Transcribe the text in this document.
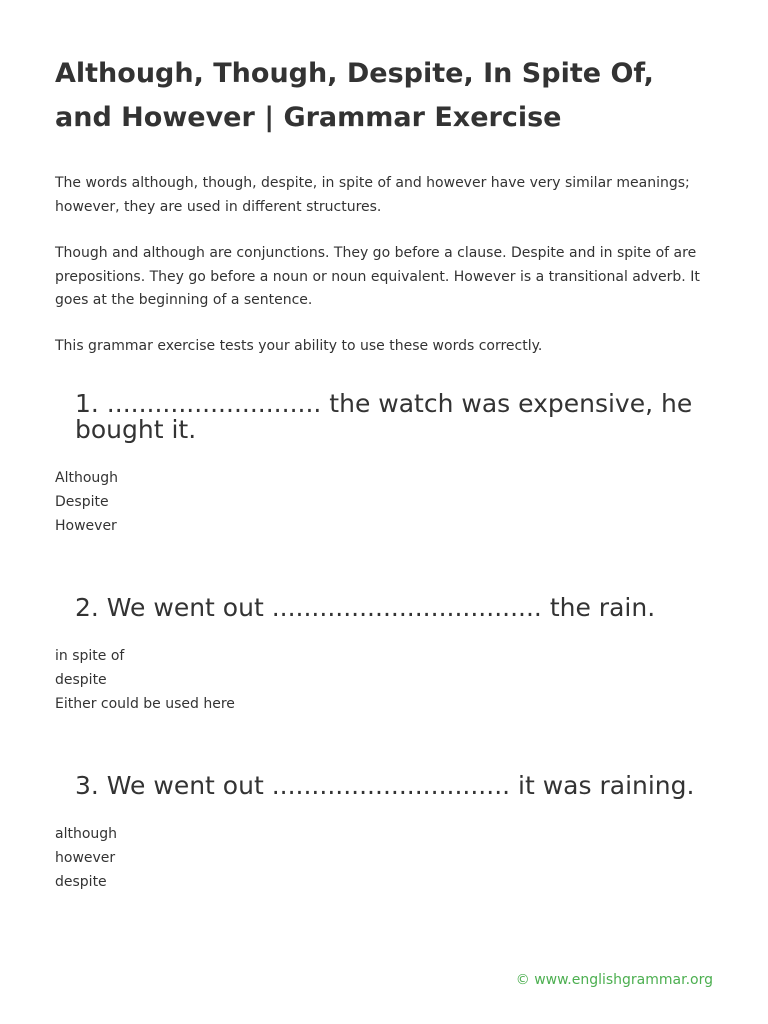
Although, Though, Despite, In Spite Of, and However | Grammar Exercise

The words although, though, despite, in spite of and however have very similar meanings; however, they are used in different structures.

Though and although are conjunctions. They go before a clause. Despite and in spite of are prepositions. They go before a noun or noun equivalent. However is a transitional adverb. It goes at the beginning of a sentence.

This grammar exercise tests your ability to use these words correctly.

1. ........................... the watch was expensive, he bought it.
Although
Despite
However
2. We went out .................................. the rain.
in spite of
despite
Either could be used here
3. We went out .............................. it was raining.
although
however
despite
© www.englishgrammar.org
